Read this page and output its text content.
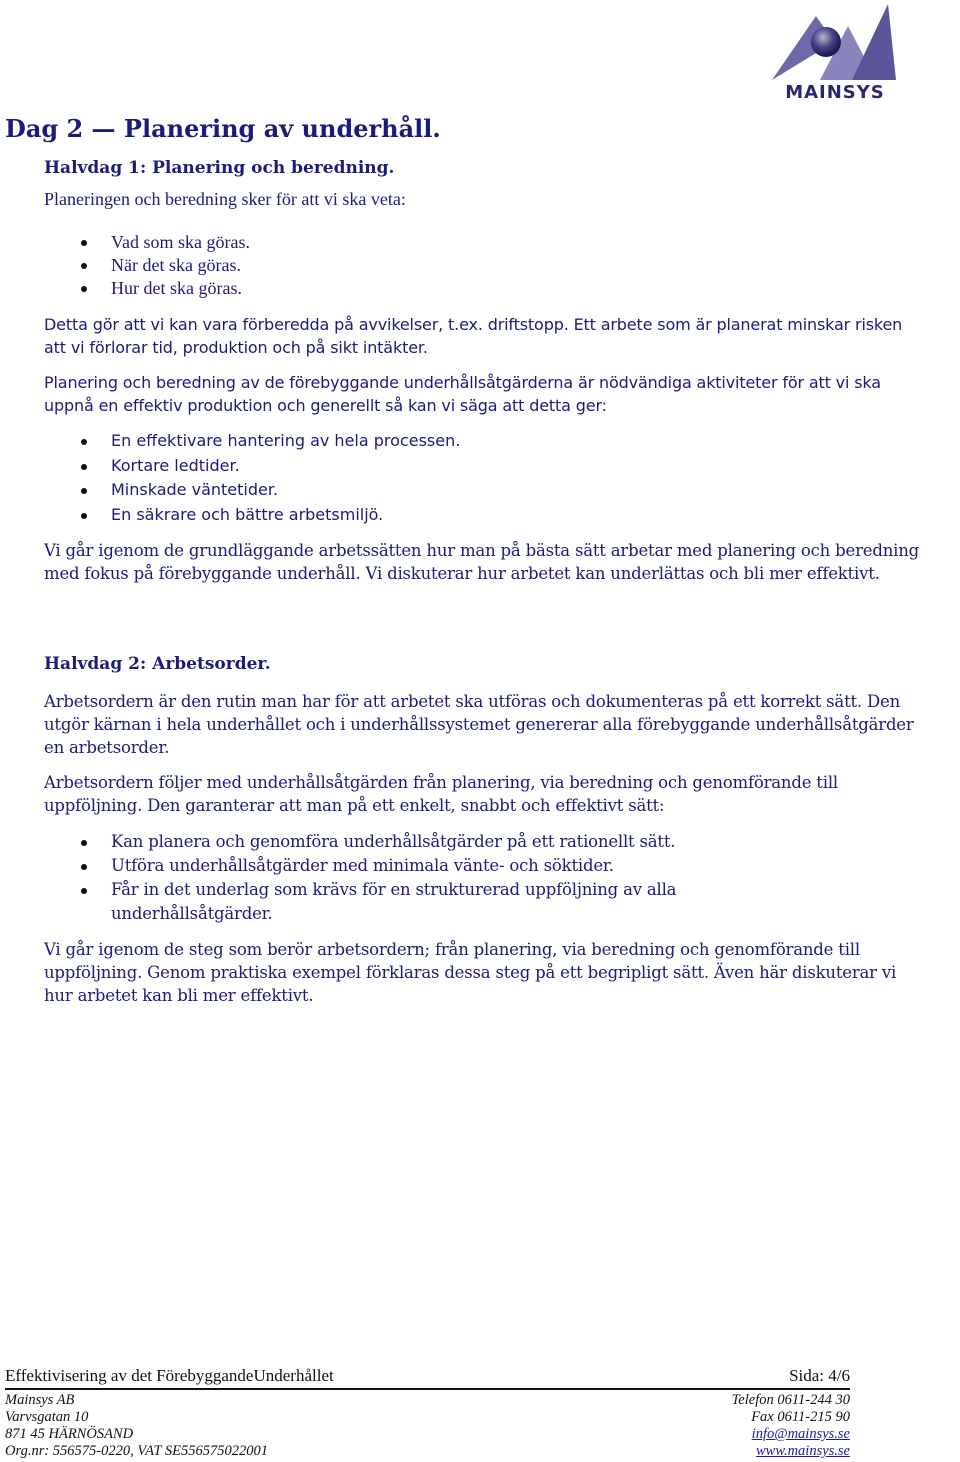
MAINSYS
Dag 2 — Planering av underhåll.
Halvdag 1: Planering och beredning.

Planeringen och beredning sker för att vi ska veta:

Vad som ska göras.
När det ska göras.
Hur det ska göras.

Detta gör att vi kan vara förberedda på avvikelser, t.ex. driftstopp. Ett arbete som är planerat minskar risken att vi förlorar tid, produktion och på sikt intäkter.

Planering och beredning av de förebyggande underhållsåtgärderna är nödvändiga aktiviteter för att vi ska uppnå en effektiv produktion och generellt så kan vi säga att detta ger:

En effektivare hantering av hela processen.
Kortare ledtider.
Minskade väntetider.
En säkrare och bättre arbetsmiljö.

Vi går igenom de grundläggande arbetssätten hur man på bästa sätt arbetar med planering och beredning med fokus på förebyggande underhåll. Vi diskuterar hur arbetet kan underlättas och bli mer effektivt.

Halvdag 2: Arbetsorder.

Arbetsordern är den rutin man har för att arbetet ska utföras och dokumenteras på ett korrekt sätt. Den utgör kärnan i hela underhållet och i underhållssystemet genererar alla förebyggande underhållsåtgärder en arbetsorder.

Arbetsordern följer med underhållsåtgärden från planering, via beredning och genomförande till uppföljning. Den garanterar att man på ett enkelt, snabbt och effektivt sätt:

Kan planera och genomföra underhållsåtgärder på ett rationellt sätt.
Utföra underhållsåtgärder med minimala vänte- och söktider.
Får in det underlag som krävs för en strukturerad uppföljning av alla underhållsåtgärder.

Vi går igenom de steg som berör arbetsordern; från planering, via beredning och genomförande till uppföljning. Genom praktiska exempel förklaras dessa steg på ett begripligt sätt. Även här diskuterar vi hur arbetet kan bli mer effektivt.

Effektivisering av det FörebyggandeUnderhållet	Sida: 4/6
Mainsys AB
Varvsgatan 10
871 45 HÄRNÖSAND
Org.nr: 556575-0220, VAT SE556575022001
Telefon 0611-244 30
Fax 0611-215 90
info@mainsys.se
www.mainsys.se
